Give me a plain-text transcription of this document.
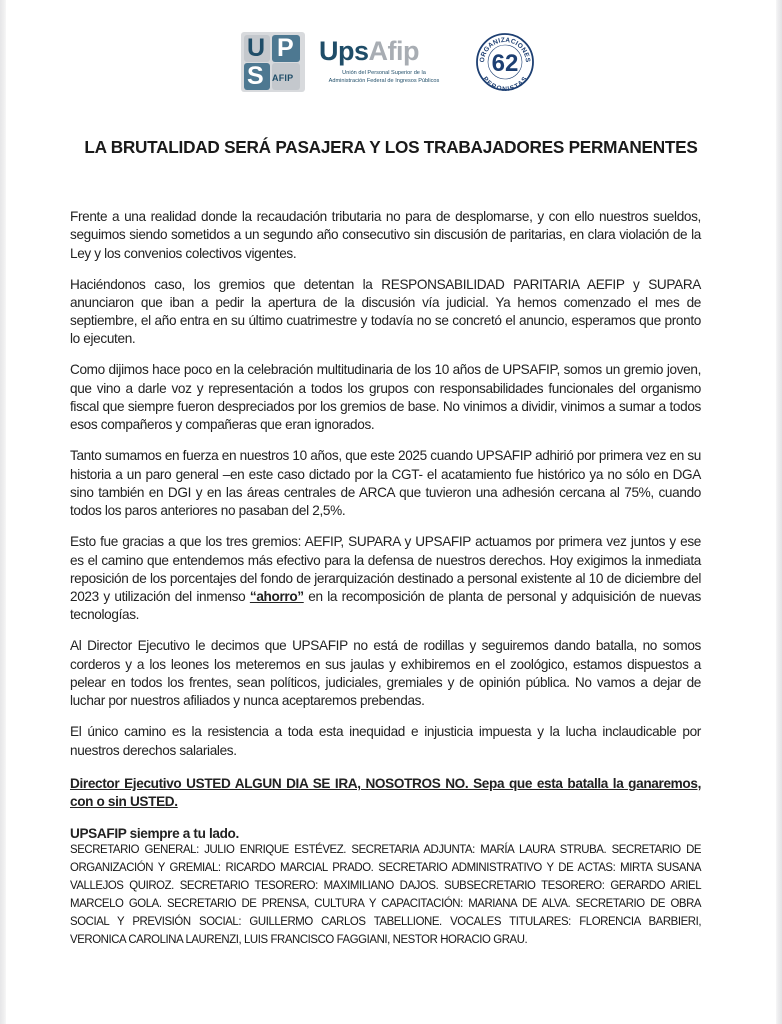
U P
S AFIP
UpsAfip
Unión del Personal Superior de la
Administración Federal de Ingresos Públicos
ORGANIZACIONES
PERONISTAS
62
LA BRUTALIDAD SERÁ PASAJERA Y LOS TRABAJADORES PERMANENTES

Frente a una realidad donde la recaudación tributaria no para de desplomarse, y con ello nuestros sueldos, seguimos siendo sometidos a un segundo año consecutivo sin discusión de paritarias, en clara violación de la Ley y los convenios colectivos vigentes.

Haciéndonos caso, los gremios que detentan la RESPONSABILIDAD PARITARIA AEFIP y SUPARA anunciaron que iban a pedir la apertura de la discusión vía judicial. Ya hemos comenzado el mes de septiembre, el año entra en su último cuatrimestre y todavía no se concretó el anuncio, esperamos que pronto lo ejecuten.

Como dijimos hace poco en la celebración multitudinaria de los 10 años de UPSAFIP, somos un gremio joven, que vino a darle voz y representación a todos los grupos con responsabilidades funcionales del organismo fiscal que siempre fueron despreciados por los gremios de base. No vinimos a dividir, vinimos a sumar a todos esos compañeros y compañeras que eran ignorados.

Tanto sumamos en fuerza en nuestros 10 años, que este 2025 cuando UPSAFIP adhirió por primera vez en su historia a un paro general –en este caso dictado por la CGT- el acatamiento fue histórico ya no sólo en DGA sino también en DGI y en las áreas centrales de ARCA que tuvieron una adhesión cercana al 75%, cuando todos los paros anteriores no pasaban del 2,5%.

Esto fue gracias a que los tres gremios: AEFIP, SUPARA y UPSAFIP actuamos por primera vez juntos y ese es el camino que entendemos más efectivo para la defensa de nuestros derechos. Hoy exigimos la inmediata reposición de los porcentajes del fondo de jerarquización destinado a personal existente al 10 de diciembre del 2023 y utilización del inmenso “ahorro” en la recomposición de planta de personal y adquisición de nuevas tecnologías.

Al Director Ejecutivo le decimos que UPSAFIP no está de rodillas y seguiremos dando batalla, no somos corderos y a los leones los meteremos en sus jaulas y exhibiremos en el zoológico, estamos dispuestos a pelear en todos los frentes, sean políticos, judiciales, gremiales y de opinión pública. No vamos a dejar de luchar por nuestros afiliados y nunca aceptaremos prebendas.

El único camino es la resistencia a toda esta inequidad e injusticia impuesta y la lucha inclaudicable por nuestros derechos salariales.

Director Ejecutivo USTED ALGUN DIA SE IRA, NOSOTROS NO. Sepa que esta batalla la ganaremos, con o sin USTED.

UPSAFIP siempre a tu lado.

SECRETARIO GENERAL: JULIO ENRIQUE ESTÉVEZ. SECRETARIA ADJUNTA: MARÍA LAURA STRUBA. SECRETARIO DE ORGANIZACIÓN Y GREMIAL: RICARDO MARCIAL PRADO. SECRETARIO ADMINISTRATIVO Y DE ACTAS: MIRTA SUSANA VALLEJOS QUIROZ. SECRETARIO TESORERO: MAXIMILIANO DAJOS. SUBSECRETARIO TESORERO: GERARDO ARIEL MARCELO GOLA. SECRETARIO DE PRENSA, CULTURA Y CAPACITACIÓN: MARIANA DE ALVA. SECRETARIO DE OBRA SOCIAL Y PREVISIÓN SOCIAL: GUILLERMO CARLOS TABELLIONE. VOCALES TITULARES: FLORENCIA BARBIERI, VERONICA CAROLINA LAURENZI, LUIS FRANCISCO FAGGIANI, NESTOR HORACIO GRAU.
